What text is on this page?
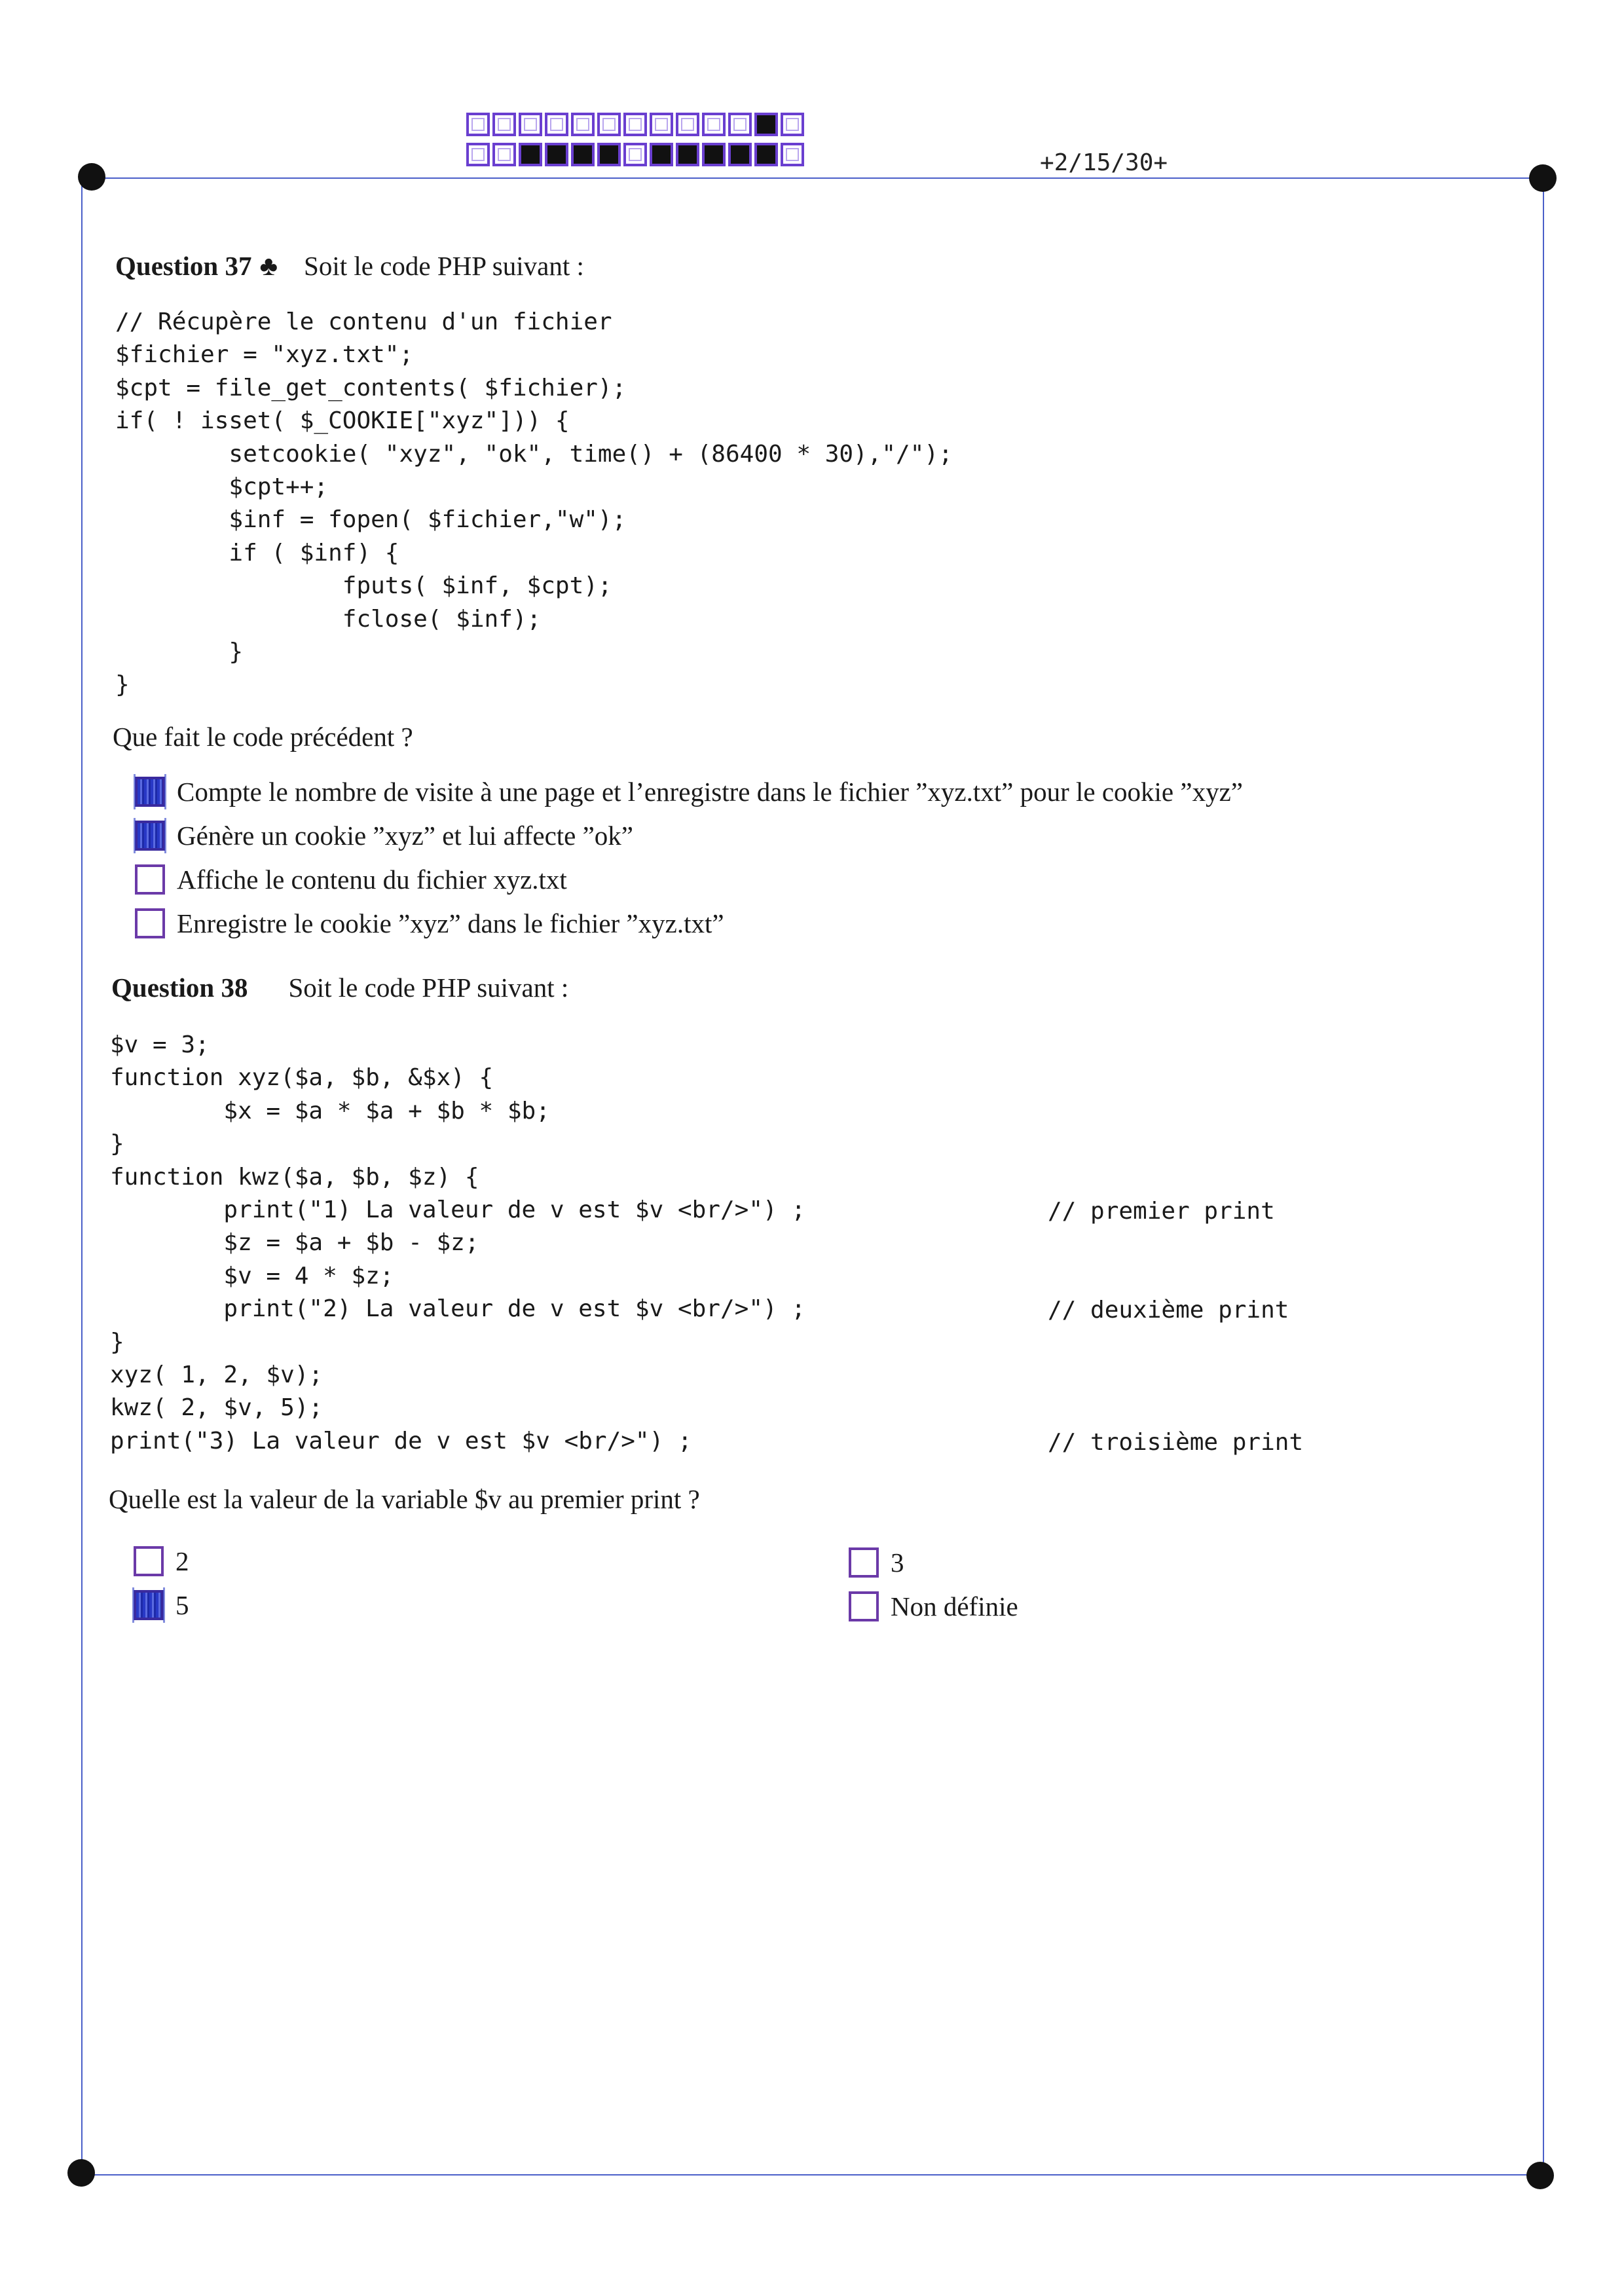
+2/15/30+
Question 37 ♣ Soit le code PHP suivant :
// Récupère le contenu d'un fichier
$fichier = "xyz.txt";
$cpt = file_get_contents( $fichier);
if( ! isset( $_COOKIE["xyz"])) {
setcookie( "xyz", "ok", time() + (86400 * 30),"/");
$cpt++;
$inf = fopen( $fichier,"w");
if ( $inf) {
fputs( $inf, $cpt);
fclose( $inf);
}
}
Que fait le code précédent ?
Compte le nombre de visite à une page et l’enregistre dans le fichier ”xyz.txt” pour le cookie ”xyz”
Génère un cookie ”xyz” et lui affecte ”ok”
Affiche le contenu du fichier xyz.txt
Enregistre le cookie ”xyz” dans le fichier ”xyz.txt”
Question 38 Soit le code PHP suivant :
$v = 3;
function xyz($a, $b, &$x) {
$x = $a * $a + $b * $b;
}
function kwz($a, $b, $z) {
print("1) La valeur de v est $v <br/>") ;
$z = $a + $b - $z;
$v = 4 * $z;
print("2) La valeur de v est $v <br/>") ;
}
xyz( 1, 2, $v);
kwz( 2, $v, 5);
print("3) La valeur de v est $v <br/>") ;
// premier print
// deuxième print
// troisième print
Quelle est la valeur de la variable $v au premier print ?
2	3
5	Non définie
